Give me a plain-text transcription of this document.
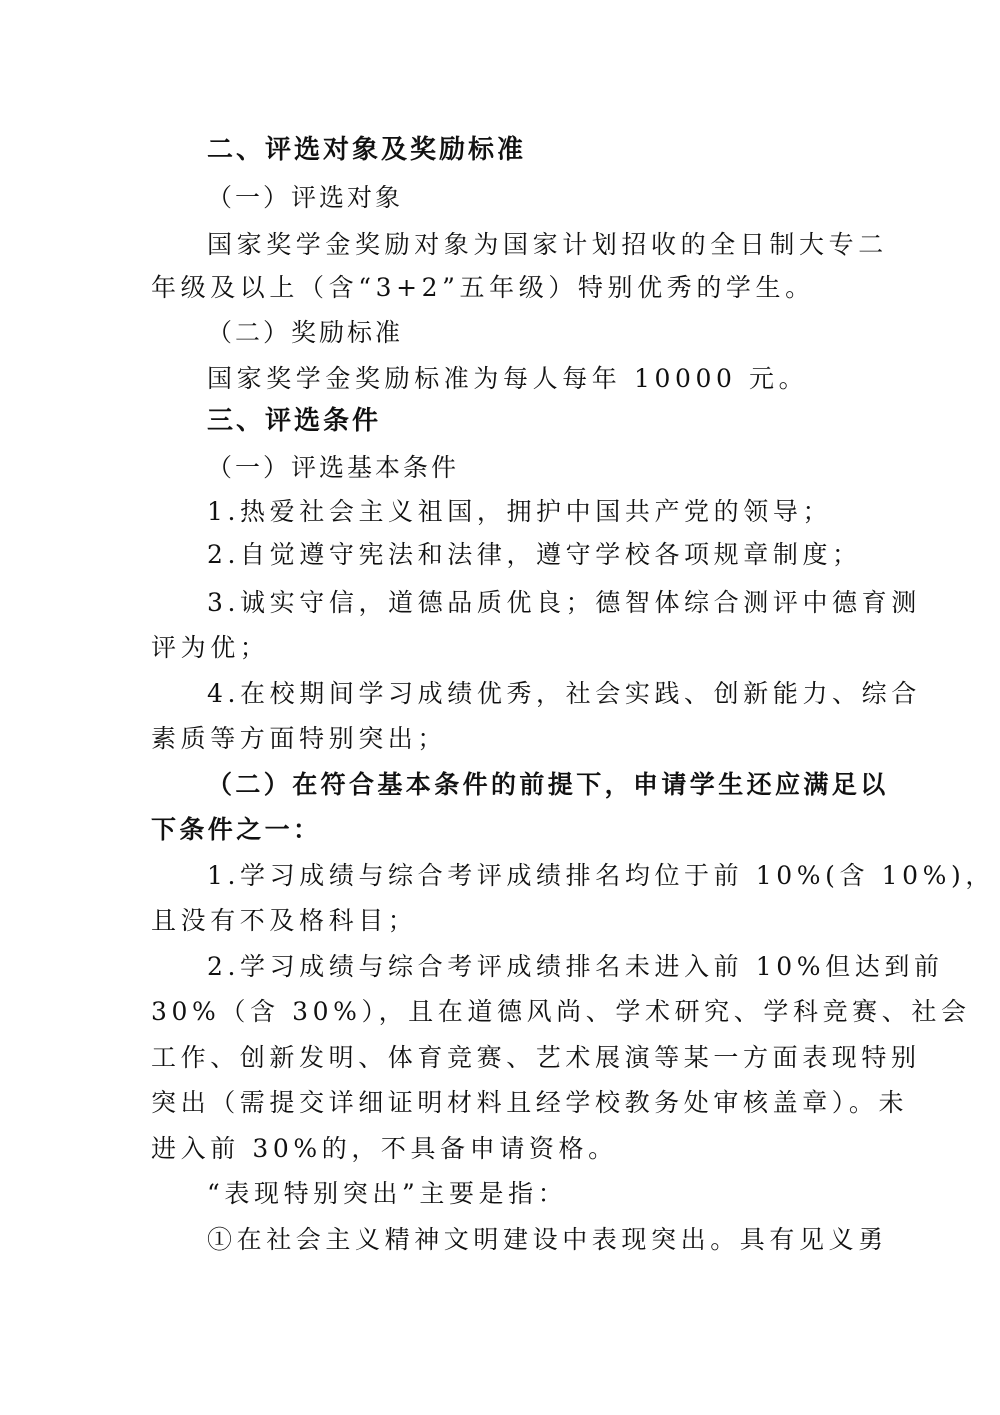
二、评选对象及奖励标准
（一）评选对象
国家奖学金奖励对象为国家计划招收的全日制大专二
年级及以上（含“3+2”五年级）特别优秀的学生。
（二）奖励标准
国家奖学金奖励标准为每人每年 10000 元。
三、评选条件
（一）评选基本条件
1.热爱社会主义祖国，拥护中国共产党的领导；
2.自觉遵守宪法和法律，遵守学校各项规章制度；
3.诚实守信，道德品质优良；德智体综合测评中德育测
评为优；
4.在校期间学习成绩优秀，社会实践、创新能力、综合
素质等方面特别突出；
（二）在符合基本条件的前提下，申请学生还应满足以
下条件之一：
1.学习成绩与综合考评成绩排名均位于前 10%(含 10%)，
且没有不及格科目；
2.学习成绩与综合考评成绩排名未进入前 10%但达到前
30%（含 30%），且在道德风尚、学术研究、学科竞赛、社会
工作、创新发明、体育竞赛、艺术展演等某一方面表现特别
突出（需提交详细证明材料且经学校教务处审核盖章）。未
进入前 30%的，不具备申请资格。
“表现特别突出”主要是指：
①在社会主义精神文明建设中表现突出。具有见义勇
